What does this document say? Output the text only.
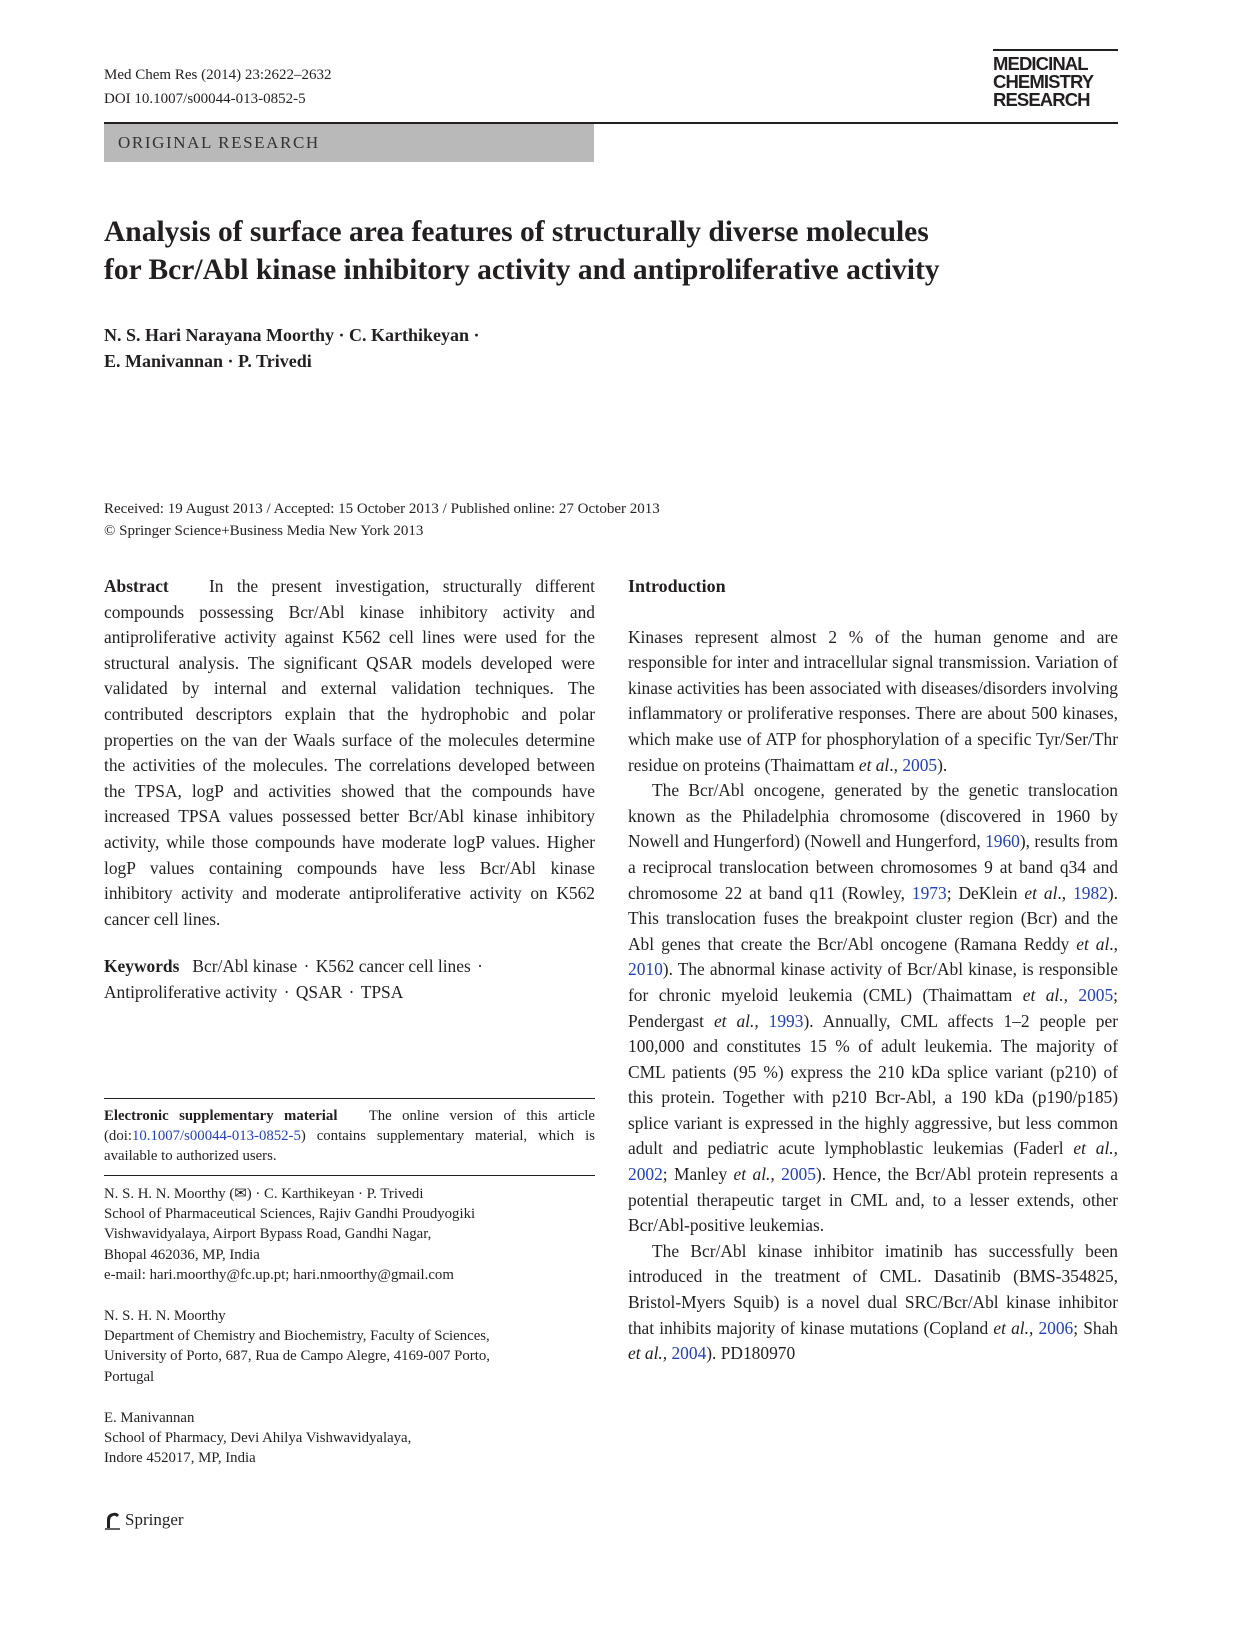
Med Chem Res (2014) 23:2622–2632
DOI 10.1007/s00044-013-0852-5
MEDICINAL
CHEMISTRY
RESEARCH
ORIGINAL RESEARCH
Analysis of surface area features of structurally diverse molecules
for Bcr/Abl kinase inhibitory activity and antiproliferative activity
N. S. Hari Narayana Moorthy · C. Karthikeyan ·
E. Manivannan · P. Trivedi
Received: 19 August 2013 / Accepted: 15 October 2013 / Published online: 27 October 2013
© Springer Science+Business Media New York 2013

Abstract In the present investigation, structurally different compounds possessing Bcr/Abl kinase inhibitory activity and antiproliferative activity against K562 cell lines were used for the structural analysis. The significant QSAR models developed were validated by internal and external validation techniques. The contributed descriptors explain that the hydrophobic and polar properties on the van der Waals surface of the molecules determine the activities of the molecules. The correlations developed between the TPSA, logP and activities showed that the compounds have increased TPSA values possessed better Bcr/Abl kinase inhibitory activity, while those compounds have moderate logP values. Higher logP values containing compounds have less Bcr/Abl kinase inhibitory activity and moderate antiproliferative activity on K562 cancer cell lines.

Keywords Bcr/Abl kinase · K562 cancer cell lines · Antiproliferative activity · QSAR · TPSA

Electronic supplementary material The online version of this article (doi:10.1007/s00044-013-0852-5) contains supplementary material, which is available to authorized users.
N. S. H. N. Moorthy (✉) · C. Karthikeyan · P. Trivedi
School of Pharmaceutical Sciences, Rajiv Gandhi Proudyogiki
Vishwavidyalaya, Airport Bypass Road, Gandhi Nagar,
Bhopal 462036, MP, India
e-mail: hari.moorthy@fc.up.pt; hari.nmoorthy@gmail.com
N. S. H. N. Moorthy
Department of Chemistry and Biochemistry, Faculty of Sciences,
University of Porto, 687, Rua de Campo Alegre, 4169-007 Porto,
Portugal
E. Manivannan
School of Pharmacy, Devi Ahilya Vishwavidyalaya,
Indore 452017, MP, India
Introduction

Kinases represent almost 2 % of the human genome and are responsible for inter and intracellular signal transmission. Variation of kinase activities has been associated with diseases/disorders involving inflammatory or proliferative responses. There are about 500 kinases, which make use of ATP for phosphorylation of a specific Tyr/Ser/Thr residue on proteins (Thaimattam et al., 2005).

The Bcr/Abl oncogene, generated by the genetic translocation known as the Philadelphia chromosome (discovered in 1960 by Nowell and Hungerford) (Nowell and Hungerford, 1960), results from a reciprocal translocation between chromosomes 9 at band q34 and chromosome 22 at band q11 (Rowley, 1973; DeKlein et al., 1982). This translocation fuses the breakpoint cluster region (Bcr) and the Abl genes that create the Bcr/Abl oncogene (Ramana Reddy et al., 2010). The abnormal kinase activity of Bcr/Abl kinase, is responsible for chronic myeloid leukemia (CML) (Thaimattam et al., 2005; Pendergast et al., 1993). Annually, CML affects 1–2 people per 100,000 and constitutes 15 % of adult leukemia. The majority of CML patients (95 %) express the 210 kDa splice variant (p210) of this protein. Together with p210 Bcr-Abl, a 190 kDa (p190/p185) splice variant is expressed in the highly aggressive, but less common adult and pediatric acute lymphoblastic leukemias (Faderl et al., 2002; Manley et al., 2005). Hence, the Bcr/Abl protein represents a potential therapeutic target in CML and, to a lesser extends, other Bcr/Abl-positive leukemias.

The Bcr/Abl kinase inhibitor imatinib has successfully been introduced in the treatment of CML. Dasatinib (BMS-354825, Bristol-Myers Squib) is a novel dual SRC/Bcr/Abl kinase inhibitor that inhibits majority of kinase mutations (Copland et al., 2006; Shah et al., 2004). PD180970

Springer
